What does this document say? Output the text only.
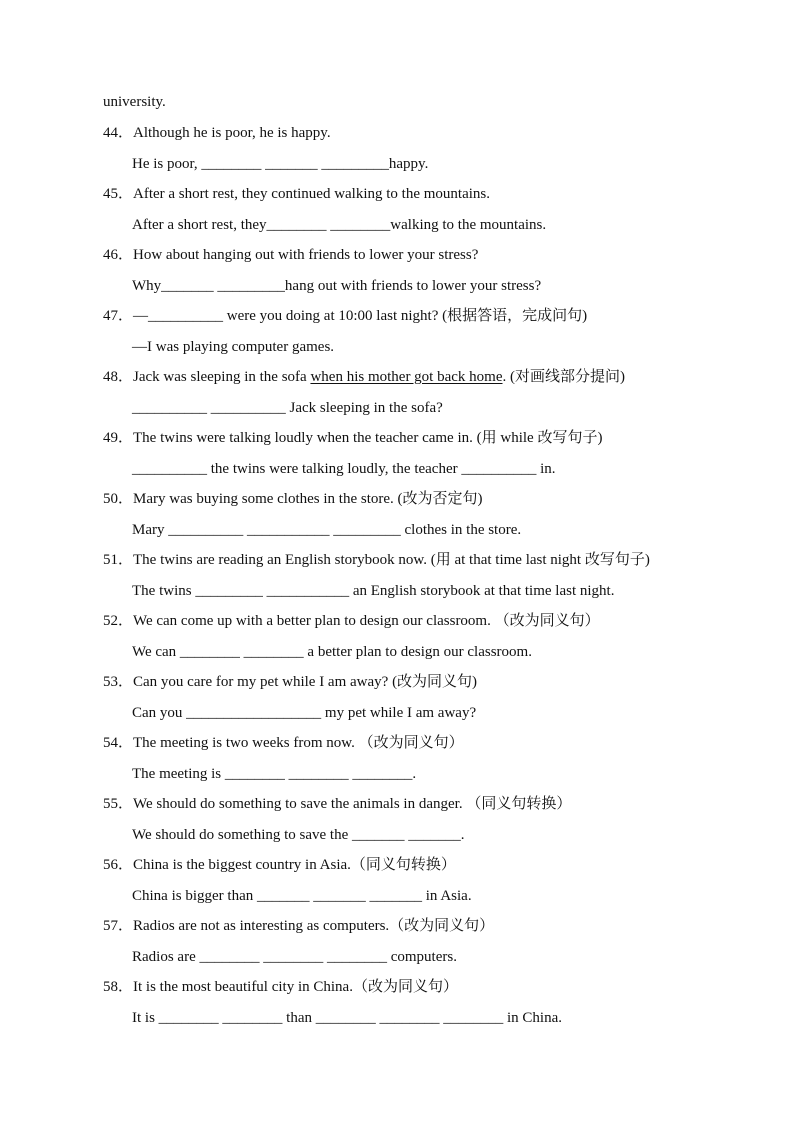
university.
44．Although he is poor, he is happy.
He is poor, ________ _______ _________happy.
45．After a short rest, they continued walking to the mountains.
After a short rest, they________ ________walking to the mountains.
46．How about hanging out with friends to lower your stress?
Why_______ _________hang out with friends to lower your stress?
47．—__________ were you doing at 10:00 last night? (根据答语，完成问句)
—I was playing computer games.
48．Jack was sleeping in the sofa when his mother got back home. (对画线部分提问)
__________ __________ Jack sleeping in the sofa?
49．The twins were talking loudly when the teacher came in. (用 while 改写句子)
__________ the twins were talking loudly, the teacher __________ in.
50．Mary was buying some clothes in the store. (改为否定句)
Mary __________ ___________ _________ clothes in the store.
51．The twins are reading an English storybook now. (用 at that time last night 改写句子)
The twins _________ ___________ an English storybook at that time last night.
52．We can come up with a better plan to design our classroom. （改为同义句）
We can ________ ________ a better plan to design our classroom.
53．Can you care for my pet while I am away? (改为同义句)
Can you __________________ my pet while I am away?
54．The meeting is two weeks from now. （改为同义句）
The meeting is ________ ________ ________.
55．We should do something to save the animals in danger. （同义句转换）
We should do something to save the _______ _______.
56．China is the biggest country in Asia.（同义句转换）
China is bigger than _______ _______ _______ in Asia.
57．Radios are not as interesting as computers.（改为同义句）
Radios are ________ ________ ________ computers.
58．It is the most beautiful city in China.（改为同义句）
It is ________ ________ than ________ ________ ________ in China.
